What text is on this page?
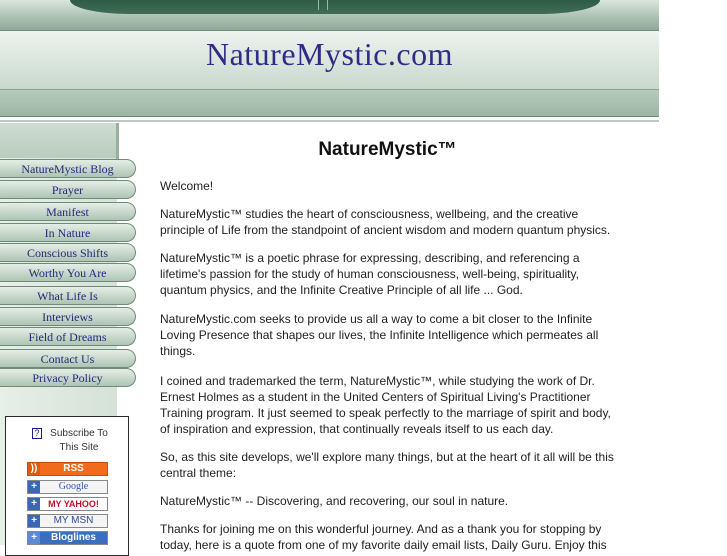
NatureMystic.com
NatureMystic Blog
Prayer
Manifest
In Nature
Conscious Shifts
Worthy You Are
What Life Is
Interviews
Field of Dreams
Contact Us
Privacy Policy
?	Subscribe To This Site
))	RSS
+	Google
+	MY YAHOO!
+	MY MSN
+	Bloglines
NatureMystic™

Welcome!

NatureMystic™ studies the heart of consciousness, wellbeing, and the creative principle of Life from the standpoint of ancient wisdom and modern quantum physics.

NatureMystic™ is a poetic phrase for expressing, describing, and referencing a lifetime's passion for the study of human consciousness, well-being, spirituality, quantum physics, and the Infinite Creative Principle of all life ... God.

NatureMystic.com seeks to provide us all a way to come a bit closer to the Infinite Loving Presence that shapes our lives, the Infinite Intelligence which permeates all things.

I coined and trademarked the term, NatureMystic™, while studying the work of Dr. Ernest Holmes as a student in the United Centers of Spiritual Living's Practitioner Training program. It just seemed to speak perfectly to the marriage of spirit and body, of inspiration and expression, that continually reveals itself to us each day.

So, as this site develops, we'll explore many things, but at the heart of it all will be this central theme:

NatureMystic™ -- Discovering, and recovering, our soul in nature.

Thanks for joining me on this wonderful journey. And as a thank you for stopping by today, here is a quote from one of my favorite daily email lists, Daily Guru. Enjoy this
